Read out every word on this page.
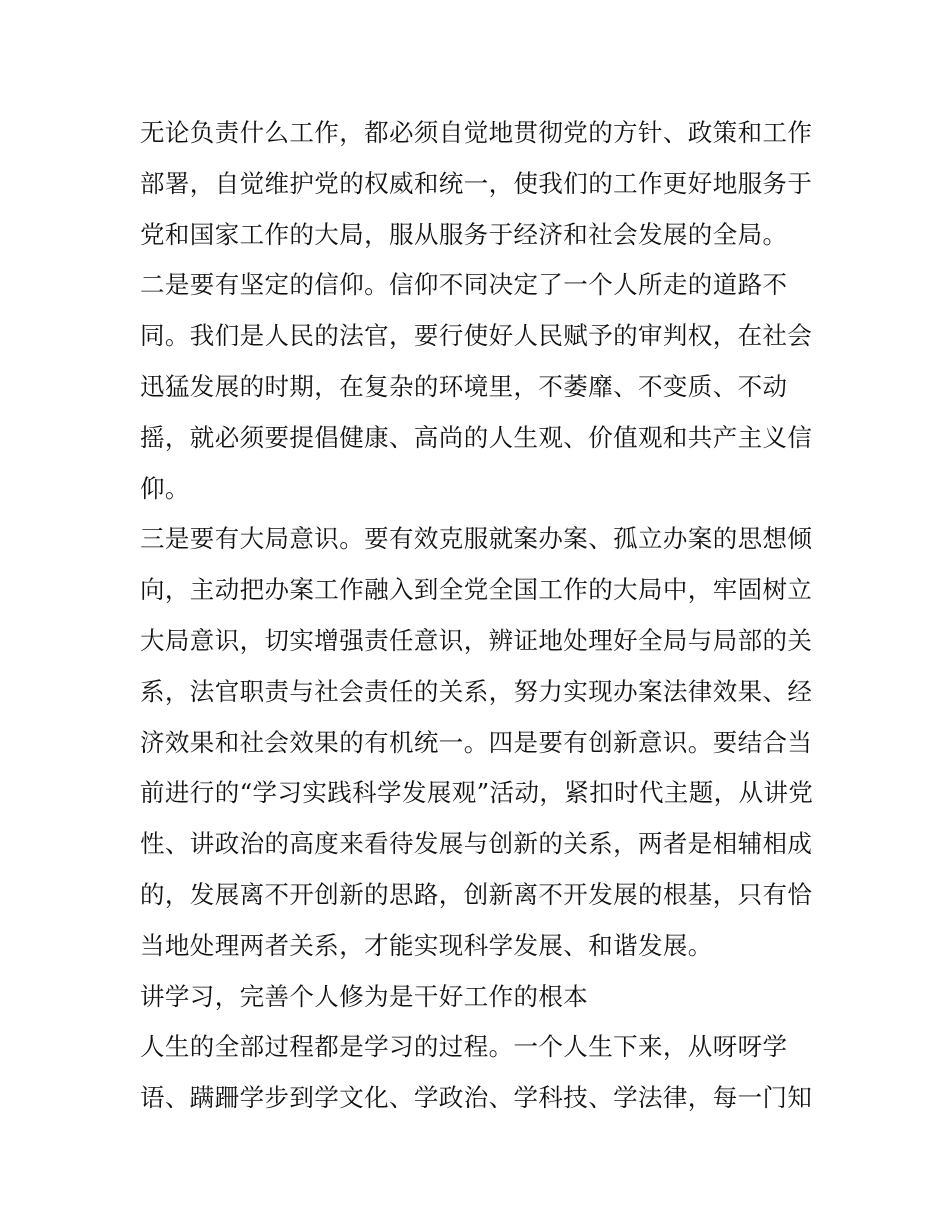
无论负责什么工作，都必须自觉地贯彻党的方针、政策和工作
部署，自觉维护党的权威和统一，使我们的工作更好地服务于
党和国家工作的大局，服从服务于经济和社会发展的全局。
二是要有坚定的信仰。信仰不同决定了一个人所走的道路不
同。我们是人民的法官，要行使好人民赋予的审判权，在社会
迅猛发展的时期，在复杂的环境里，不萎靡、不变质、不动
摇，就必须要提倡健康、高尚的人生观、价值观和共产主义信
仰。
三是要有大局意识。要有效克服就案办案、孤立办案的思想倾
向，主动把办案工作融入到全党全国工作的大局中，牢固树立
大局意识，切实增强责任意识，辨证地处理好全局与局部的关
系，法官职责与社会责任的关系，努力实现办案法律效果、经
济效果和社会效果的有机统一。四是要有创新意识。要结合当
前进行的“学习实践科学发展观”活动，紧扣时代主题，从讲党
性、讲政治的高度来看待发展与创新的关系，两者是相辅相成
的，发展离不开创新的思路，创新离不开发展的根基，只有恰
当地处理两者关系，才能实现科学发展、和谐发展。
讲学习，完善个人修为是干好工作的根本
人生的全部过程都是学习的过程。一个人生下来，从呀呀学
语、蹒跚学步到学文化、学政治、学科技、学法律，每一门知
